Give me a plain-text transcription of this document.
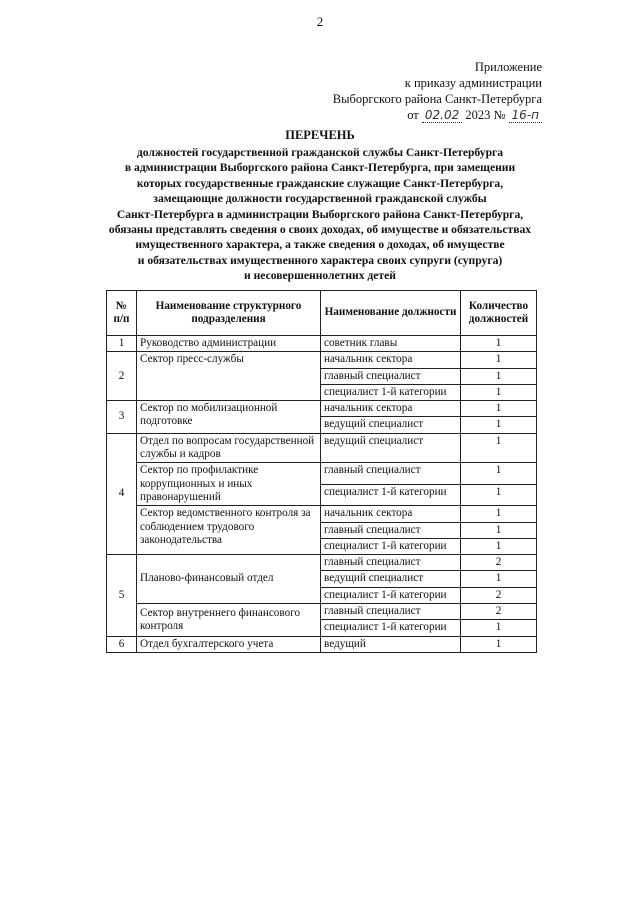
2
Приложение
к приказу администрации
Выборгского района Санкт-Петербурга
от 02.02 2023 № 16-п
ПЕРЕЧЕНЬ
должностей государственной гражданской службы Санкт-Петербурга
в администрации Выборгского района Санкт-Петербурга, при замещении
которых государственные гражданские служащие Санкт-Петербурга,
замещающие должности государственной гражданской службы
Санкт-Петербурга в администрации Выборгского района Санкт-Петербурга,
обязаны представлять сведения о своих доходах, об имуществе и обязательствах
имущественного характера, а также сведения о доходах, об имуществе
и обязательствах имущественного характера своих супруги (супруга)
и несовершеннолетних детей
№ п/п	Наименование структурного подразделения	Наименование должности	Количество должностей
1	Руководство администрации	советник главы	1
2	Сектор пресс-службы	начальник сектора	1
		главный специалист	1
		специалист 1-й категории	1
3	Сектор по мобилизационной подготовке	начальник сектора	1
		ведущий специалист	1
4	Отдел по вопросам государственной службы и кадров	ведущий специалист	1
	Сектор по профилактике коррупционных и иных правонарушений	главный специалист	1
		специалист 1-й категории	1
	Сектор ведомственного контроля за соблюдением трудового законодательства	начальник сектора	1
		главный специалист	1
		специалист 1-й категории	1
5	Планово-финансовый отдел	главный специалист	2
		ведущий специалист	1
		специалист 1-й категории	2
	Сектор внутреннего финансового контроля	главный специалист	2
		специалист 1-й категории	1
6	Отдел бухгалтерского учета	ведущий	1
